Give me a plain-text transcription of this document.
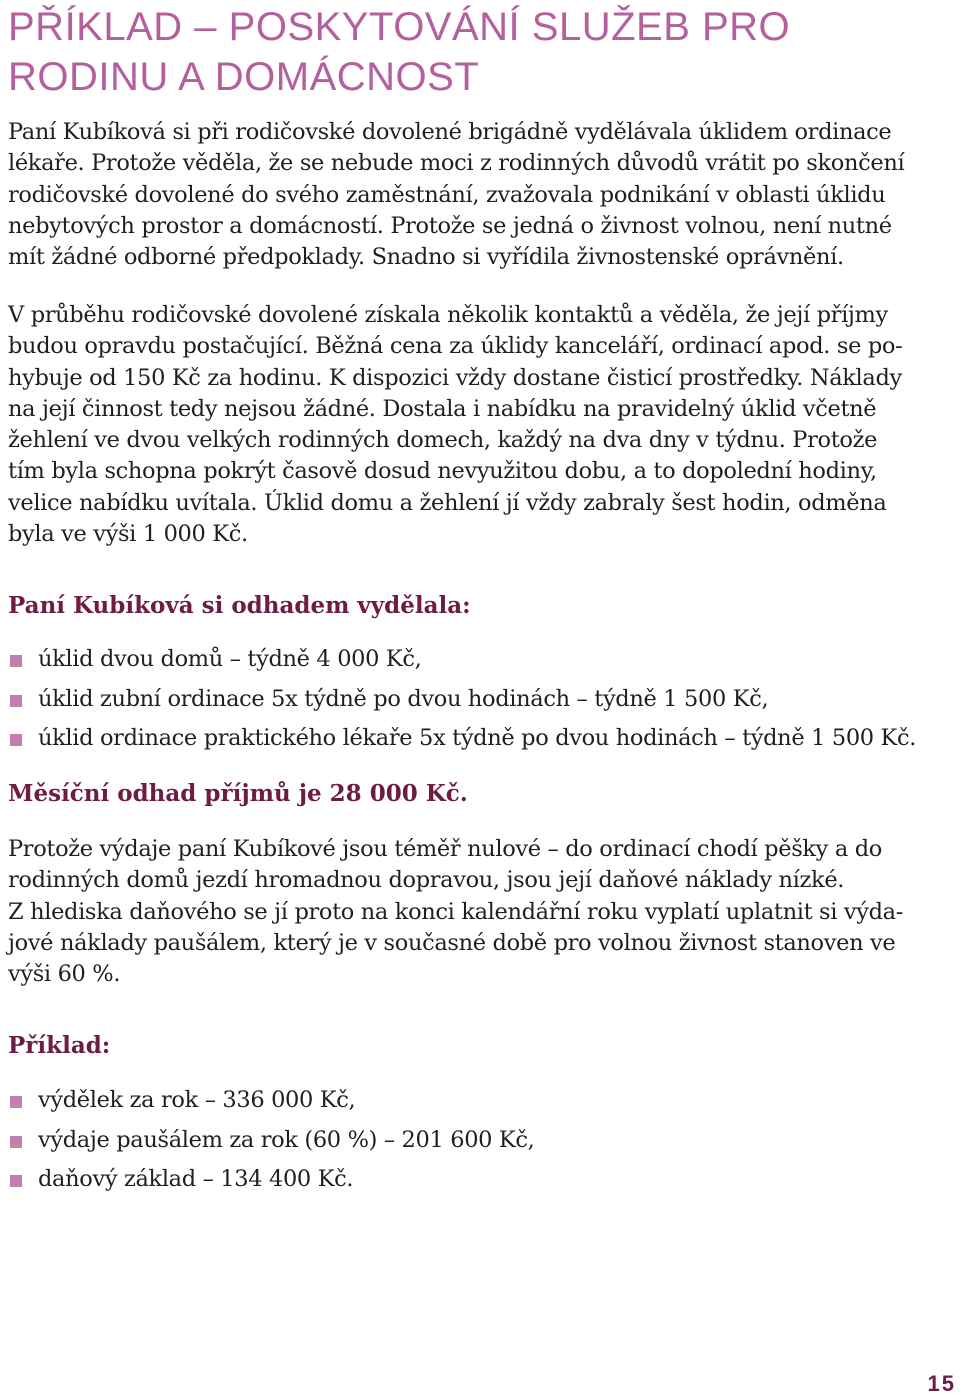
PŘÍKLAD – POSKYTOVÁNÍ SLUŽEB PRO
RODINU A DOMÁCNOST

Paní Kubíková si při rodičovské dovolené brigádně vydělávala úklidem ordinace
lékaře. Protože věděla, že se nebude moci z rodinných důvodů vrátit po skončení
rodičovské dovolené do svého zaměstnání, zvažovala podnikání v oblasti úklidu
nebytových prostor a domácností. Protože se jedná o živnost volnou, není nutné
mít žádné odborné předpoklady. Snadno si vyřídila živnostenské oprávnění.

V průběhu rodičovské dovolené získala několik kontaktů a věděla, že její příjmy
budou opravdu postačující. Běžná cena za úklidy kanceláří, ordinací apod. se po-
hybuje od 150 Kč za hodinu. K dispozici vždy dostane čisticí prostředky. Náklady
na její činnost tedy nejsou žádné. Dostala i nabídku na pravidelný úklid včetně
žehlení ve dvou velkých rodinných domech, každý na dva dny v týdnu. Protože
tím byla schopna pokrýt časově dosud nevyužitou dobu, a to dopolední hodiny,
velice nabídku uvítala. Úklid domu a žehlení jí vždy zabraly šest hodin, odměna
byla ve výši 1 000 Kč.

Paní Kubíková si odhadem vydělala:
úklid dvou domů – týdně 4 000 Kč,
úklid zubní ordinace 5x týdně po dvou hodinách – týdně 1 500 Kč,
úklid ordinace praktického lékaře 5x týdně po dvou hodinách – týdně 1 500 Kč.
Měsíční odhad příjmů je 28 000 Kč.

Protože výdaje paní Kubíkové jsou téměř nulové – do ordinací chodí pěšky a do
rodinných domů jezdí hromadnou dopravou, jsou její daňové náklady nízké.
Z hlediska daňového se jí proto na konci kalendářní roku vyplatí uplatnit si výda-
jové náklady paušálem, který je v současné době pro volnou živnost stanoven ve
výši 60 %.

Příklad:
výdělek za rok – 336 000 Kč,
výdaje paušálem za rok (60 %) – 201 600 Kč,
daňový základ – 134 400 Kč.
15
